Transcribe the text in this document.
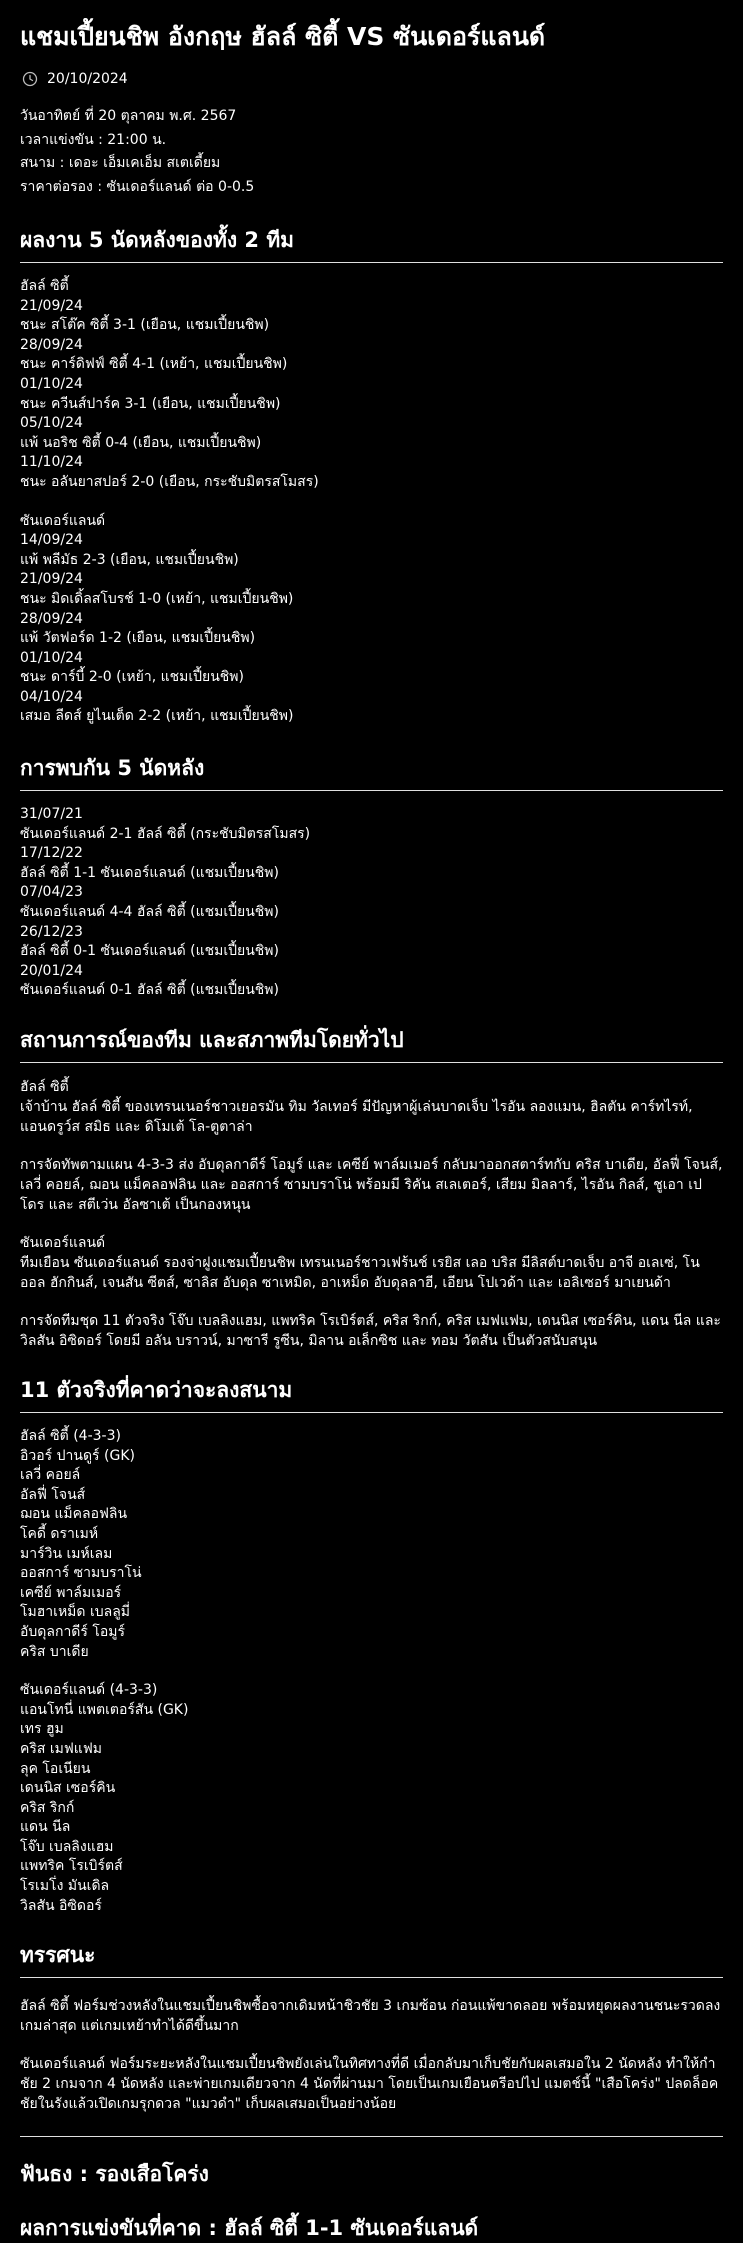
แชมเปี้ยนชิพ อังกฤษ ฮัลล์ ซิตี้ VS ซันเดอร์แลนด์
20/10/2024
วันอาทิตย์ ที่ 20 ตุลาคม พ.ศ. 2567
เวลาแข่งขัน : 21:00 น.
สนาม : เดอะ เอ็มเคเอ็ม สเตเดี้ยม
ราคาต่อรอง : ซันเดอร์แลนด์ ต่อ 0-0.5
ผลงาน 5 นัดหลังของทั้ง 2 ทีม
ฮัลล์ ซิตี้
21/09/24
ชนะ สโต๊ค ซิตี้ 3-1 (เยือน, แชมเปี้ยนชิพ)
28/09/24
ชนะ คาร์ดิฟฟ์ ซิตี้ 4-1 (เหย้า, แชมเปี้ยนชิพ)
01/10/24
ชนะ ควีนส์ปาร์ค 3-1 (เยือน, แชมเปี้ยนชิพ)
05/10/24
แพ้ นอริช ซิตี้ 0-4 (เยือน, แชมเปี้ยนชิพ)
11/10/24
ชนะ อลันยาสปอร์ 2-0 (เยือน, กระชับมิตรสโมสร)
ซันเดอร์แลนด์
14/09/24
แพ้ พลีมัธ 2-3 (เยือน, แชมเปี้ยนชิพ)
21/09/24
ชนะ มิดเดิ้ลสโบรช์ 1-0 (เหย้า, แชมเปี้ยนชิพ)
28/09/24
แพ้ วัตฟอร์ด 1-2 (เยือน, แชมเปี้ยนชิพ)
01/10/24
ชนะ ดาร์บี้ 2-0 (เหย้า, แชมเปี้ยนชิพ)
04/10/24
เสมอ ลีดส์ ยูไนเต็ด 2-2 (เหย้า, แชมเปี้ยนชิพ)
การพบกัน 5 นัดหลัง
31/07/21
ซันเดอร์แลนด์ 2-1 ฮัลล์ ซิตี้ (กระชับมิตรสโมสร)
17/12/22
ฮัลล์ ซิตี้ 1-1 ซันเดอร์แลนด์ (แชมเปี้ยนชิพ)
07/04/23
ซันเดอร์แลนด์ 4-4 ฮัลล์ ซิตี้ (แชมเปี้ยนชิพ)
26/12/23
ฮัลล์ ซิตี้ 0-1 ซันเดอร์แลนด์ (แชมเปี้ยนชิพ)
20/01/24
ซันเดอร์แลนด์ 0-1 ฮัลล์ ซิตี้ (แชมเปี้ยนชิพ)
สถานการณ์ของทีม และสภาพทีมโดยทั่วไป
ฮัลล์ ซิตี้

เจ้าบ้าน ฮัลล์ ซิตี้ ของเทรนเนอร์ชาวเยอรมัน ทิม วัลเทอร์ มีปัญหาผู้เล่นบาดเจ็บ ไรอัน ลองแมน, ฮิลตัน คาร์ทไรท์, แอนดรูว์ส สมิธ และ ดิโมเต้ โล-ตูตาล่า

การจัดทัพตามแผน 4-3-3 ส่ง อับดุลกาดีร์ โอมูร์ และ เคซีย์ พาล์มเมอร์ กลับมาออกสตาร์ทกับ คริส บาเดีย, อัลฟี่ โจนส์, เลวี่ คอยล์, ฌอน แม็คลอฟลิน และ ออสการ์ ซามบราโน่ พร้อมมี ริคัน สเลเตอร์, เสียม มิลลาร์, ไรอัน กิลส์, ชูเอา เปโดร และ สตีเว่น อัลซาเต้ เป็นกองหนุน

ซันเดอร์แลนด์

ทีมเยือน ซันเดอร์แลนด์ รองจ่าฝูงแชมเปี้ยนชิพ เทรนเนอร์ชาวเฟร้นช์ เรยิส เลอ บริส มีลิสต์บาดเจ็บ อาจี อเลเซ่, โนออล ฮักกินส์, เจนสัน ซีตส์, ซาลิส อับดุล ซาเหมิด, อาเหม็ด อับดุลลาฮี, เอียน โปเวด้า และ เอลิเซอร์ มาเยนด้า

การจัดทีมชุด 11 ตัวจริง โจ๊บ เบลลิงแฮม, แพทริค โรเบิร์ตส์, คริส ริกก์, คริส เมฟแฟม, เดนนิส เซอร์คิน, แดน นีล และ วิลสัน อิซิดอร์ โดยมี อลัน บราวน์, มาซารี รูซีน, มิลาน อเล็กซิช และ ทอม วัตสัน เป็นตัวสนับสนุน

11 ตัวจริงที่คาดว่าจะลงสนาม
ฮัลล์ ซิตี้ (4-3-3)
อิวอร์ ปานดูร์ (GK)
เลวี่ คอยล์
อัลฟี่ โจนส์
ฌอน แม็คลอฟลิน
โคดี้ ดราเมห์
มาร์วิน เมห์เลม
ออสการ์ ซามบราโน่
เคซีย์ พาล์มเมอร์
โมฮาเหม็ด เบลลูมี่
อับดุลกาดีร์ โอมูร์
คริส บาเดีย
ซันเดอร์แลนด์ (4-3-3)
แอนโทนี่ แพตเตอร์สัน (GK)
เทร ฮูม
คริส เมฟแฟม
ลุค โอเนียน
เดนนิส เซอร์คิน
คริส ริกก์
แดน นีล
โจ๊บ เบลลิงแฮม
แพทริค โรเบิร์ตส์
โรเมโ่ง มันเดิล
วิลสัน อิซิดอร์
ทรรศนะ

ฮัลล์ ซิตี้ ฟอร์มช่วงหลังในแชมเปี้ยนชิพซื้อจากเดิมหน้าชิวชัย 3 เกมซ้อน ก่อนแพ้ขาดลอย พร้อมหยุดผลงานชนะรวดลงเกมล่าสุด แต่เกมเหย้าทำได้ดีขึ้นมาก

ซันเดอร์แลนด์ ฟอร์มระยะหลังในแชมเปี้ยนชิพยังเล่นในทิศทางที่ดี เมื่อกลับมาเก็บชัยกับผลเสมอใน 2 นัดหลัง ทำให้กำชัย 2 เกมจาก 4 นัดหลัง และพ่ายเกมเดียวจาก 4 นัดที่ผ่านมา โดยเป็นเกมเยือนตรีอปไป แมตช์นี้ "เสือโคร่ง" ปลดล็อคชัยในรังแล้วเปิดเกมรุกดวล "แมวดำ" เก็บผลเสมอเป็นอย่างน้อย

ฟันธง : รองเสือโคร่ง
ผลการแข่งขันที่คาด : ฮัลล์ ซิตี้ 1-1 ซันเดอร์แลนด์
